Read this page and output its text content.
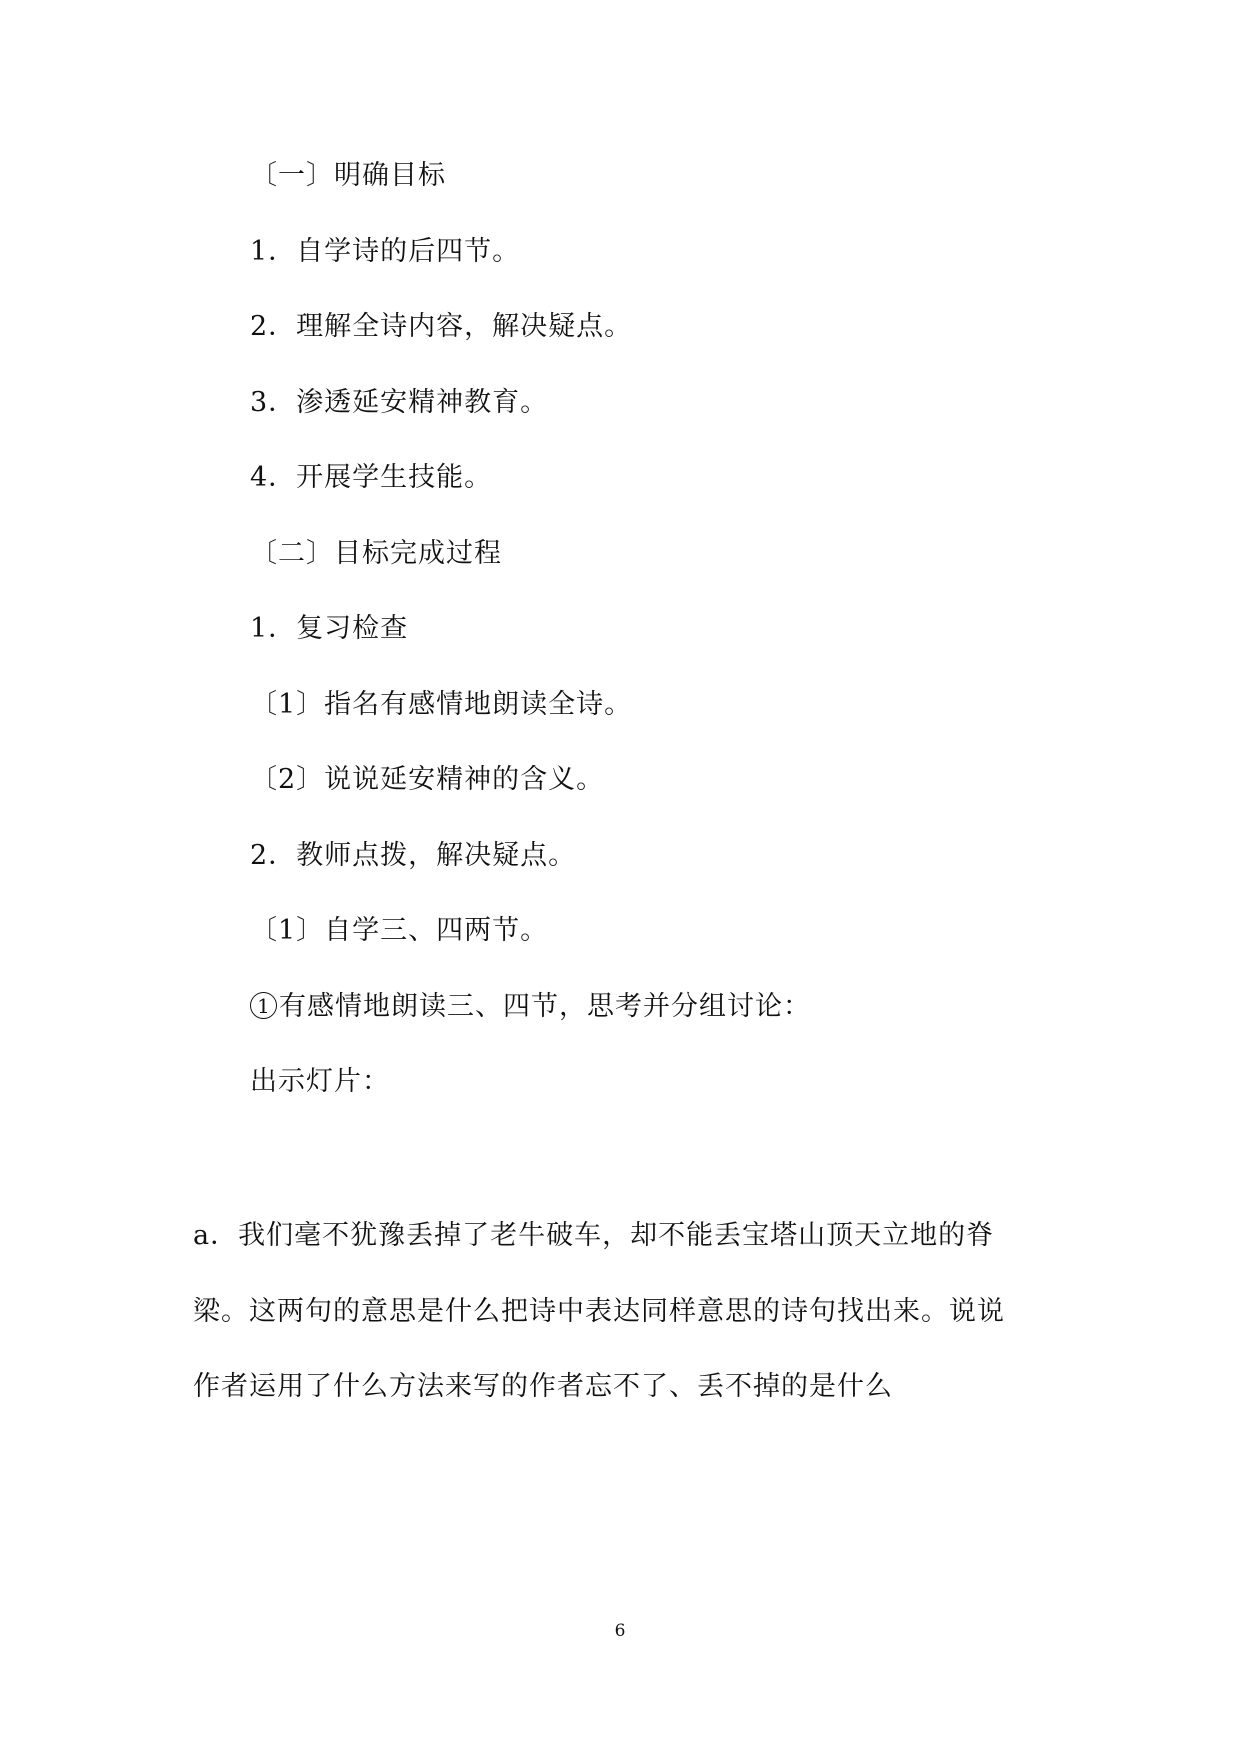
〔一〕明确目标
1．自学诗的后四节。
2．理解全诗内容，解决疑点。
3．渗透延安精神教育。
4．开展学生技能。
〔二〕目标完成过程
1．复习检查
〔1〕指名有感情地朗读全诗。
〔2〕说说延安精神的含义。
2．教师点拨，解决疑点。
〔1〕自学三、四两节。
1 有感情地朗读三、四节，思考并分组讨论：
出示灯片：
a．我们毫不犹豫丢掉了老牛破车，却不能丢宝塔山顶天立地的脊
梁。这两句的意思是什么把诗中表达同样意思的诗句找出来。说说
作者运用了什么方法来写的作者忘不了、丢不掉的是什么
6
